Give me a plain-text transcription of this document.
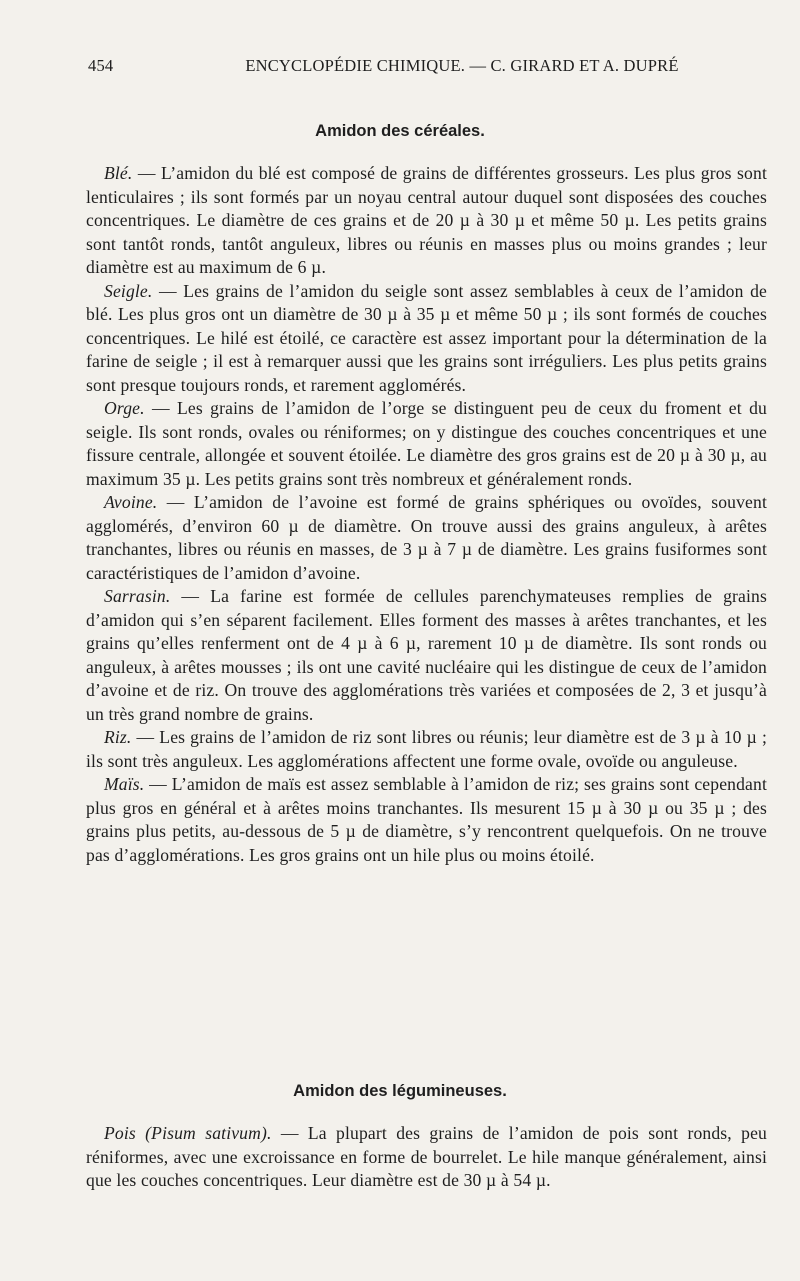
454	ENCYCLOPÉDIE CHIMIQUE. — C. GIRARD ET A. DUPRÉ
Amidon des céréales.

Blé. — L’amidon du blé est composé de grains de différentes grosseurs. Les plus gros sont lenticulaires ; ils sont formés par un noyau central autour duquel sont disposées des couches concentriques. Le diamètre de ces grains et de 20 µ à 30 µ et même 50 µ. Les petits grains sont tantôt ronds, tantôt anguleux, libres ou réunis en masses plus ou moins grandes ; leur diamètre est au maximum de 6 µ.

Seigle. — Les grains de l’amidon du seigle sont assez semblables à ceux de l’amidon de blé. Les plus gros ont un diamètre de 30 µ à 35 µ et même 50 µ ; ils sont formés de couches concentriques. Le hilé est étoilé, ce caractère est assez important pour la détermination de la farine de seigle ; il est à remarquer aussi que les grains sont irréguliers. Les plus petits grains sont presque toujours ronds, et rarement agglomérés.

Orge. — Les grains de l’amidon de l’orge se distinguent peu de ceux du froment et du seigle. Ils sont ronds, ovales ou réniformes; on y distingue des couches concentriques et une fissure centrale, allongée et souvent étoilée. Le diamètre des gros grains est de 20 µ à 30 µ, au maximum 35 µ. Les petits grains sont très nombreux et généralement ronds.

Avoine. — L’amidon de l’avoine est formé de grains sphériques ou ovoïdes, souvent agglomérés, d’environ 60 µ de diamètre. On trouve aussi des grains anguleux, à arêtes tranchantes, libres ou réunis en masses, de 3 µ à 7 µ de diamètre. Les grains fusiformes sont caractéristiques de l’amidon d’avoine.

Sarrasin. — La farine est formée de cellules parenchymateuses remplies de grains d’amidon qui s’en séparent facilement. Elles forment des masses à arêtes tranchantes, et les grains qu’elles renferment ont de 4 µ à 6 µ, rarement 10 µ de diamètre. Ils sont ronds ou anguleux, à arêtes mousses ; ils ont une cavité nucléaire qui les distingue de ceux de l’amidon d’avoine et de riz. On trouve des agglomérations très variées et composées de 2, 3 et jusqu’à un très grand nombre de grains.

Riz. — Les grains de l’amidon de riz sont libres ou réunis; leur diamètre est de 3 µ à 10 µ ; ils sont très anguleux. Les agglomérations affectent une forme ovale, ovoïde ou anguleuse.

Maïs. — L’amidon de maïs est assez semblable à l’amidon de riz; ses grains sont cependant plus gros en général et à arêtes moins tranchantes. Ils mesurent 15 µ à 30 µ ou 35 µ ; des grains plus petits, au-dessous de 5 µ de diamètre, s’y rencontrent quelquefois. On ne trouve pas d’agglomérations. Les gros grains ont un hile plus ou moins étoilé.

Amidon des légumineuses.

Pois (Pisum sativum). — La plupart des grains de l’amidon de pois sont ronds, peu réniformes, avec une excroissance en forme de bourrelet. Le hile manque généralement, ainsi que les couches concentriques. Leur diamètre est de 30 µ à 54 µ.
